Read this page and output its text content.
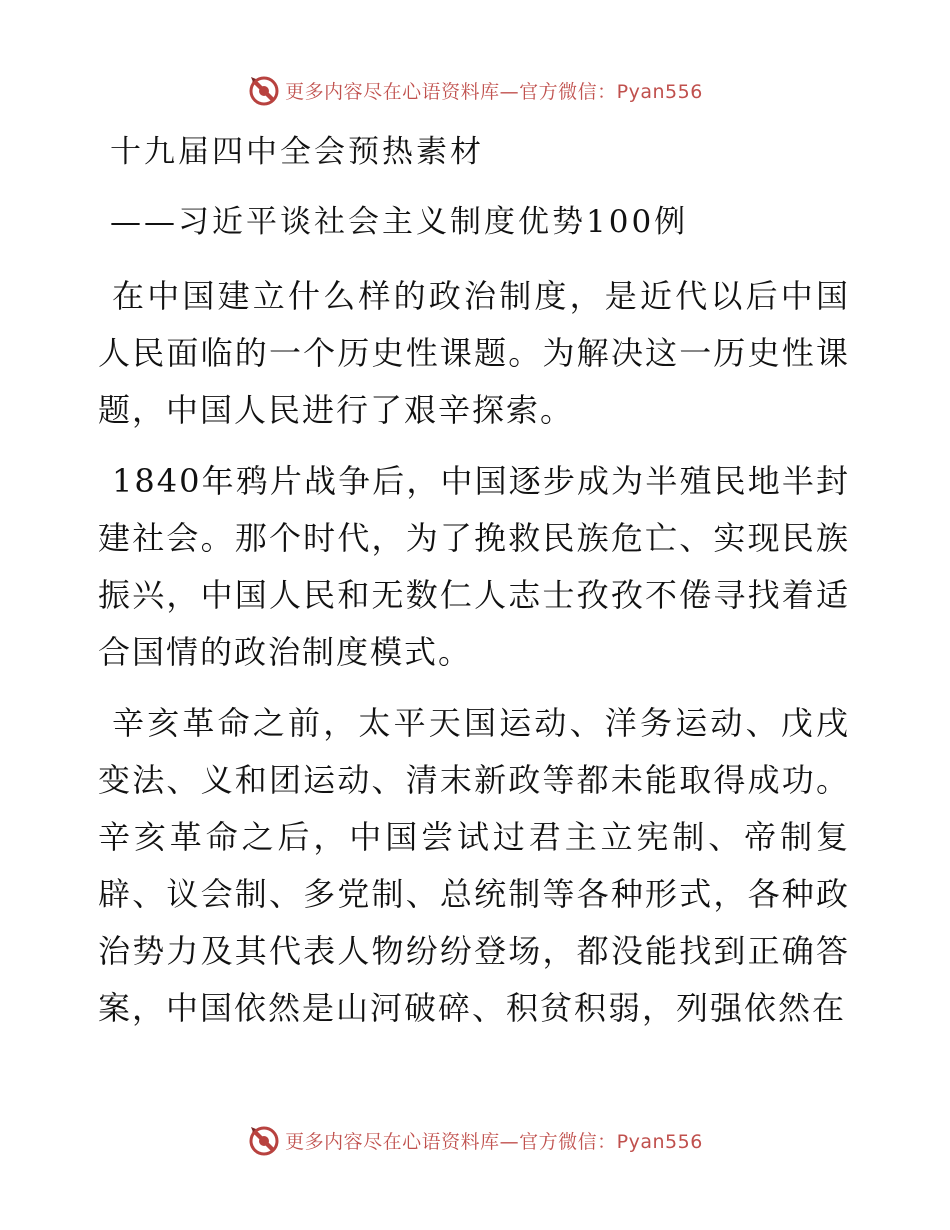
更多内容尽在心语资料库—官方微信：Pyan556
十九届四中全会预热素材
——习近平谈社会主义制度优势100例

在中国建立什么样的政治制度，是近代以后中国人民面临的一个历史性课题。为解决这一历史性课题，中国人民进行了艰辛探索。

1840年鸦片战争后，中国逐步成为半殖民地半封建社会。那个时代，为了挽救民族危亡、实现民族振兴，中国人民和无数仁人志士孜孜不倦寻找着适合国情的政治制度模式。

辛亥革命之前，太平天国运动、洋务运动、戊戌变法、义和团运动、清末新政等都未能取得成功。辛亥革命之后，中国尝试过君主立宪制、帝制复辟、议会制、多党制、总统制等各种形式，各种政治势力及其代表人物纷纷登场，都没能找到正确答案，中国依然是山河破碎、积贫积弱，列强依然在

更多内容尽在心语资料库—官方微信：Pyan556
